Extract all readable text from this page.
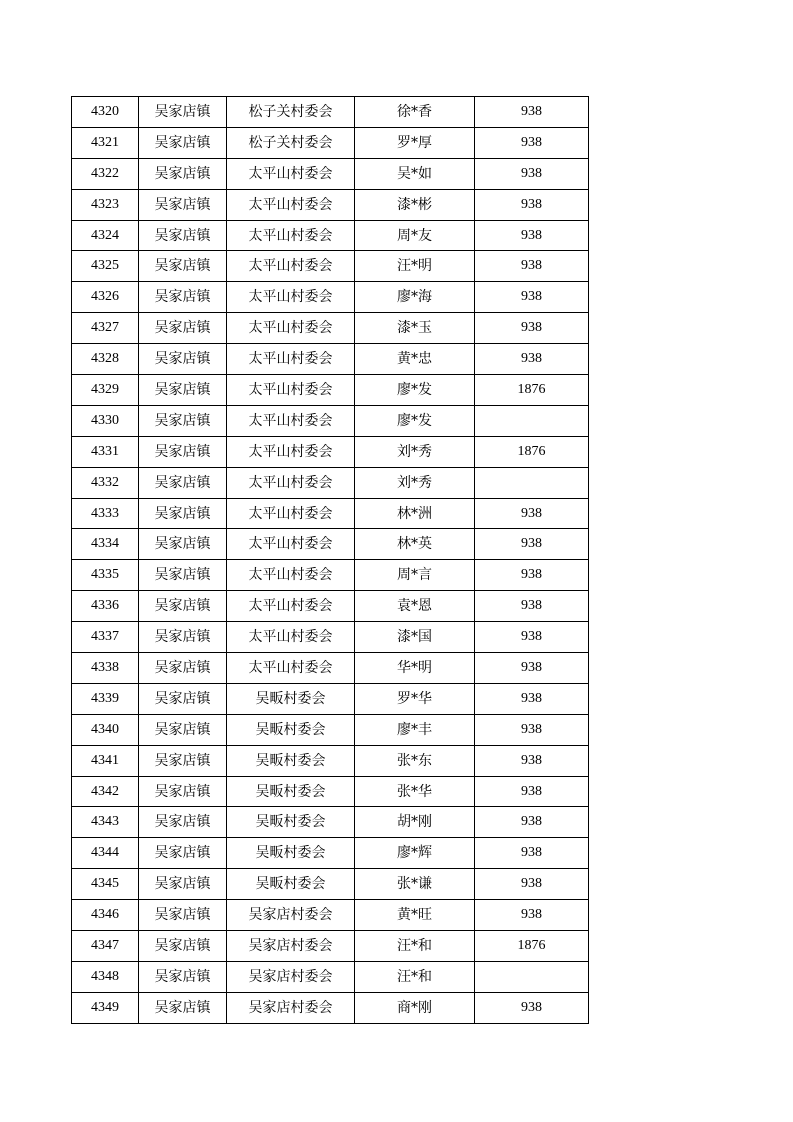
4320	吴家店镇	松子关村委会	徐*香	938
4321	吴家店镇	松子关村委会	罗*厚	938
4322	吴家店镇	太平山村委会	吴*如	938
4323	吴家店镇	太平山村委会	漆*彬	938
4324	吴家店镇	太平山村委会	周*友	938
4325	吴家店镇	太平山村委会	汪*明	938
4326	吴家店镇	太平山村委会	廖*海	938
4327	吴家店镇	太平山村委会	漆*玉	938
4328	吴家店镇	太平山村委会	黄*忠	938
4329	吴家店镇	太平山村委会	廖*发	1876
4330	吴家店镇	太平山村委会	廖*发	
4331	吴家店镇	太平山村委会	刘*秀	1876
4332	吴家店镇	太平山村委会	刘*秀	
4333	吴家店镇	太平山村委会	林*洲	938
4334	吴家店镇	太平山村委会	林*英	938
4335	吴家店镇	太平山村委会	周*言	938
4336	吴家店镇	太平山村委会	袁*恩	938
4337	吴家店镇	太平山村委会	漆*国	938
4338	吴家店镇	太平山村委会	华*明	938
4339	吴家店镇	吴畈村委会	罗*华	938
4340	吴家店镇	吴畈村委会	廖*丰	938
4341	吴家店镇	吴畈村委会	张*东	938
4342	吴家店镇	吴畈村委会	张*华	938
4343	吴家店镇	吴畈村委会	胡*刚	938
4344	吴家店镇	吴畈村委会	廖*辉	938
4345	吴家店镇	吴畈村委会	张*谦	938
4346	吴家店镇	吴家店村委会	黄*旺	938
4347	吴家店镇	吴家店村委会	汪*和	1876
4348	吴家店镇	吴家店村委会	汪*和	
4349	吴家店镇	吴家店村委会	商*刚	938
